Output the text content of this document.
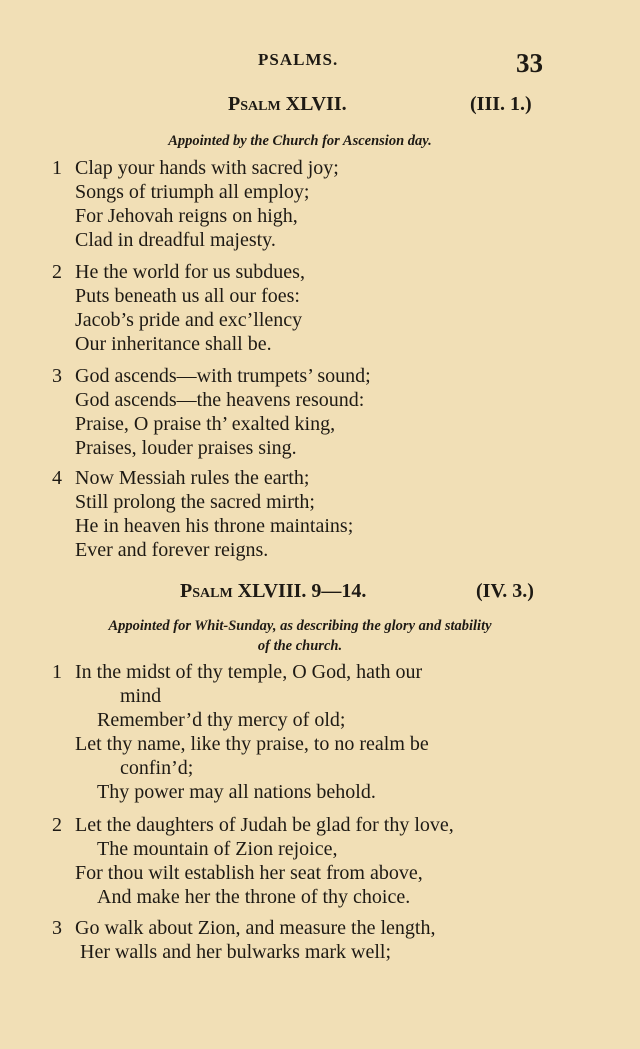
PSALMS.	33
Psalm XLVII.	(III. 1.)
Appointed by the Church for Ascension day.
1 Clap your hands with sacred joy;
Songs of triumph all employ;
For Jehovah reigns on high,
Clad in dreadful majesty.
2 He the world for us subdues,
Puts beneath us all our foes:
Jacob’s pride and exc’llency
Our inheritance shall be.
3 God ascends—with trumpets’ sound;
God ascends—the heavens resound:
Praise, O praise th’ exalted king,
Praises, louder praises sing.
4 Now Messiah rules the earth;
Still prolong the sacred mirth;
He in heaven his throne maintains;
Ever and forever reigns.
Psalm XLVIII. 9—14.	(IV. 3.)
Appointed for Whit-Sunday, as describing the glory and stability
of the church.
1 In the midst of thy temple, O God, hath our
mind
Remember’d thy mercy of old;
Let thy name, like thy praise, to no realm be
confin’d;
Thy power may all nations behold.
2 Let the daughters of Judah be glad for thy love,
The mountain of Zion rejoice,
For thou wilt establish her seat from above,
And make her the throne of thy choice.
3 Go walk about Zion, and measure the length,
Her walls and her bulwarks mark well;
